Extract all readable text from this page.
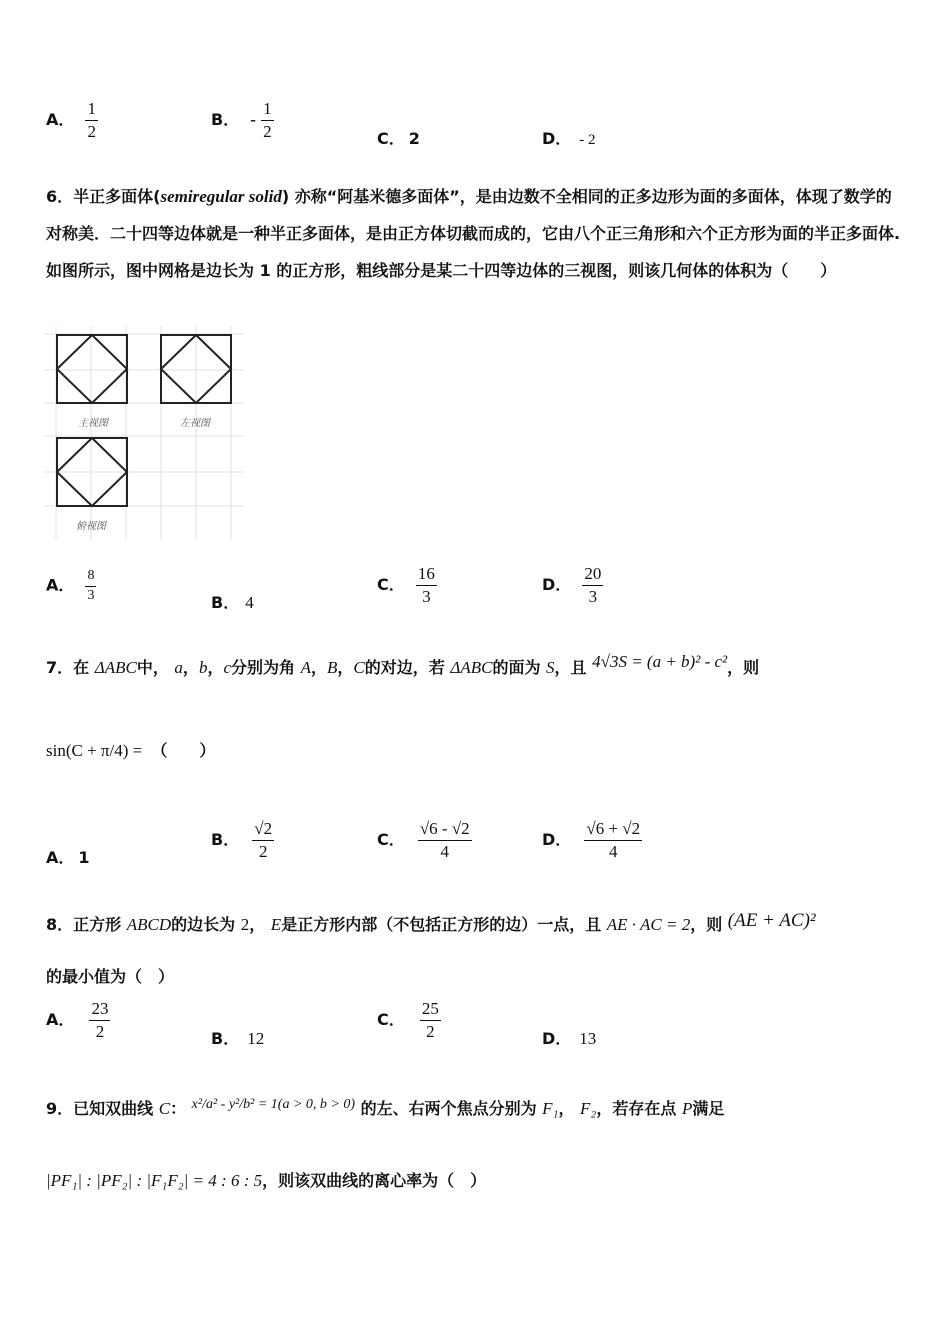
A． $\frac{1}{2}$	B． - $\frac{1}{2}$	C． 2	D． - 2
6．半正多面体(semiregular solid) 亦称“阿基米德多面体”，是由边数不全相同的正多边形为面的多面体，体现了数学的对称美．二十四等边体就是一种半正多面体，是由正方体切截而成的，它由八个正三角形和六个正方形为面的半正多面体.如图所示，图中网格是边长为 1 的正方形，粗线部分是某二十四等边体的三视图，则该几何体的体积为（　　）
主视图	左视图
俯视图
A． $\frac{8}{3}$	B． 4
C． $\frac{16}{3}$	D． $\frac{20}{3}$
7．在 ΔABC中， a，b，c分别为角 A，B，C的对边，若 ΔABC的面为 S，且 4√3S = (a + b)² - c²，则
sin(C + π/4) = （　　）
A． 1
B． $\frac{√2}{2}$	C． $\frac{√6 - √2}{4}$	D． $\frac{√6 + √2}{4}$
8．正方形 ABCD的边长为 2， E是正方形内部（不包括正方形的边）一点，且 AE · AC = 2，则 (AE + AC)²
的最小值为（　）
A． $\frac{23}{2}$	B． 12
C． $\frac{25}{2}$	D． 13
9．已知双曲线 C： x²/a² - y²/b² = 1(a > 0, b > 0) 的左、右两个焦点分别为 F₁， F₂，若存在点 P满足
|PF₁| : |PF₂| : |F₁F₂| = 4 : 6 : 5，则该双曲线的离心率为（　）
